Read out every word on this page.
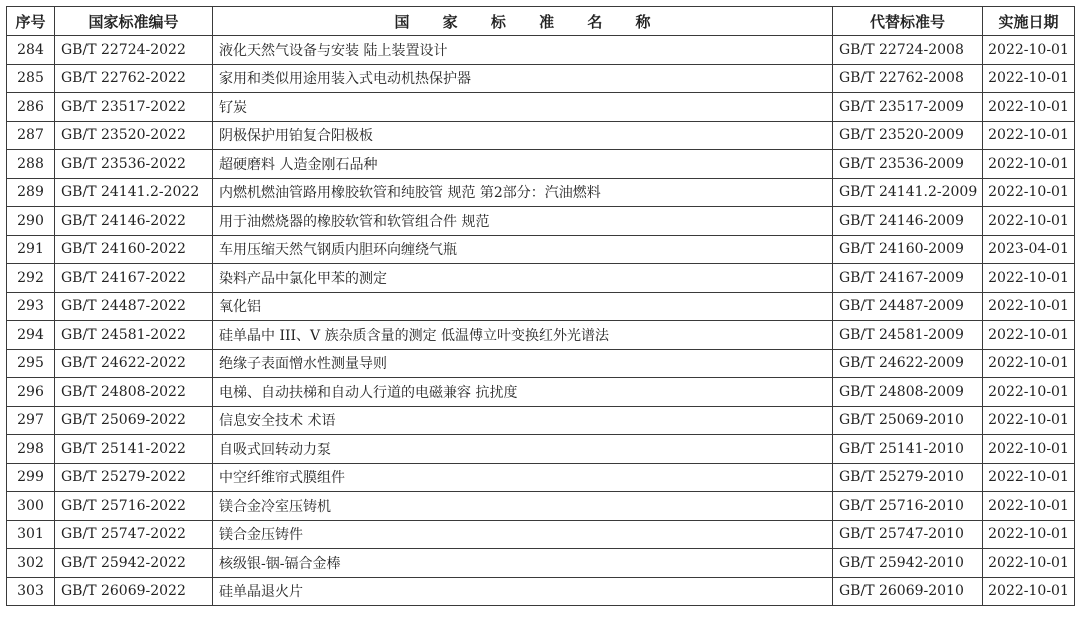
序号	国家标准编号	国 家 标 准 名 称	代替标准号	实施日期
284	GB/T 22724-2022	液化天然气设备与安装 陆上装置设计	GB/T 22724-2008	2022-10-01
285	GB/T 22762-2022	家用和类似用途用装入式电动机热保护器	GB/T 22762-2008	2022-10-01
286	GB/T 23517-2022	钌炭	GB/T 23517-2009	2022-10-01
287	GB/T 23520-2022	阴极保护用铂复合阳极板	GB/T 23520-2009	2022-10-01
288	GB/T 23536-2022	超硬磨料 人造金刚石品种	GB/T 23536-2009	2022-10-01
289	GB/T 24141.2-2022	内燃机燃油管路用橡胶软管和纯胶管 规范 第2部分：汽油燃料	GB/T 24141.2-2009	2022-10-01
290	GB/T 24146-2022	用于油燃烧器的橡胶软管和软管组合件 规范	GB/T 24146-2009	2022-10-01
291	GB/T 24160-2022	车用压缩天然气钢质内胆环向缠绕气瓶	GB/T 24160-2009	2023-04-01
292	GB/T 24167-2022	染料产品中氯化甲苯的测定	GB/T 24167-2009	2022-10-01
293	GB/T 24487-2022	氧化铝	GB/T 24487-2009	2022-10-01
294	GB/T 24581-2022	硅单晶中 III、V 族杂质含量的测定 低温傅立叶变换红外光谱法	GB/T 24581-2009	2022-10-01
295	GB/T 24622-2022	绝缘子表面憎水性测量导则	GB/T 24622-2009	2022-10-01
296	GB/T 24808-2022	电梯、自动扶梯和自动人行道的电磁兼容 抗扰度	GB/T 24808-2009	2022-10-01
297	GB/T 25069-2022	信息安全技术 术语	GB/T 25069-2010	2022-10-01
298	GB/T 25141-2022	自吸式回转动力泵	GB/T 25141-2010	2022-10-01
299	GB/T 25279-2022	中空纤维帘式膜组件	GB/T 25279-2010	2022-10-01
300	GB/T 25716-2022	镁合金冷室压铸机	GB/T 25716-2010	2022-10-01
301	GB/T 25747-2022	镁合金压铸件	GB/T 25747-2010	2022-10-01
302	GB/T 25942-2022	核级银-铟-镉合金棒	GB/T 25942-2010	2022-10-01
303	GB/T 26069-2022	硅单晶退火片	GB/T 26069-2010	2022-10-01
